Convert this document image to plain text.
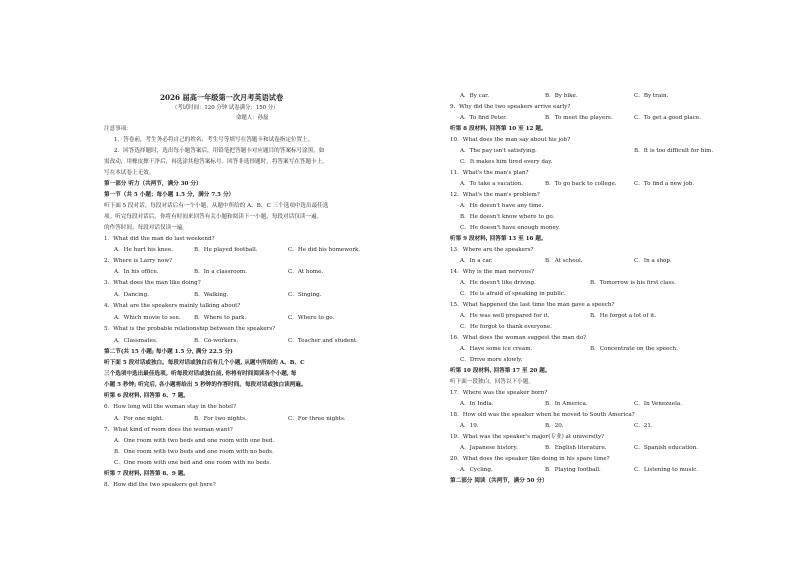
2026 届高一年级第一次月考英语试卷
（考试时间：120 分钟 试卷满分：150 分）
命题人：孙磊
注意事项：
1．答卷前，考生务必将自己的姓名、考生号等填写在答题卡和试卷指定位置上。
2．回答选择题时，选出每小题答案后，用铅笔把答题卡对应题目的答案标号涂黑。如
需改动，用橡皮擦干净后，再选涂其他答案标号。回答非选择题时，将答案写在答题卡上。
写在本试卷上无效。
第一部分 听力（共两节，满分 30 分）
第一节（共 5 小题；每小题 1.5 分，满分 7.5 分）
听下面 5 段对话。每段对话后有一个小题，从题中所给的 A、B、C 三个选项中选出最佳选
项。听完每段对话后，你将有时间来回答有关小题和阅读下一小题。每段对话仅读一遍。
的作答时间。每段对话仅读一遍。
1．What did the man do last weekend?
A．He hurt his knee.	B．He played football.	C．He did his homework.
2．Where is Larry now?
A．In his office.	B．In a classroom.	C．At home.
3．What does the man like doing?
A．Dancing.	B．Walking.	C．Singing.
4．What are the speakers mainly talking about?
A．Which movie to see. B．Where to park.	C．Where to go.
5．What is the probable relationship between the speakers?
A．Classmates.	B．Co-workers.	C．Teacher and student.
第二节(共 15 小题; 每小题 1.5 分, 满分 22.5 分)
听下面 5 段对话或独白。每段对话或独白后有几个小题, 从题中所给的 A、B、C
三个选项中选出最佳选项。听每段对话或独白前, 你将有时间阅读各个小题, 每
小题 5 秒钟; 听完后, 各小题将给出 5 秒钟的作答时间。每段对话或独白读两遍。
听第 6 段材料, 回答第 6、7 题。
6．How long will the woman stay in the hotel?
A．For one night.	B．For two nights.	C．For three nights.
7．What kind of room does the woman want?
A．One room with two beds and one room with one bed.
B．One room with two beds and one room with no beds.
C．One room with one bed and one room with no beds.
听第 7 段材料, 回答第 8、9 题。
8．How did the two speakers get here?
A．By car.	B．By bike.	C．By train.
9．Why did the two speakers arrive early?
A．To find Peter.	B．To meet the players.	C．To get a good place.
听第 8 段材料, 回答第 10 至 12 题。
10．What does the man say about his job?
A．The pay isn't satisfying.	B．It is too difficult for him.
C．It makes him tired every day.
11．What's the man's plan?
A．To take a vacation.	B．To go back to college.	C．To find a new job.
12．What's the man's problem?
A．He doesn't have any time.
B．He doesn't know where to go.
C．He doesn't have enough money.
听第 9 段材料, 回答第 13 至 16 题。
13．Where are the speakers?
A．In a car.	B．At school.	C．In a shop.
14．Why is the man nervous?
A．He doesn't like driving.	B．Tomorrow is his first class.
C．He is afraid of speaking in public.
15．What happened the last time the man gave a speech?
A．He was well prepared for it.	B．He forgot a lot of it.
C．He forgot to thank everyone.
16．What does the woman suggest the man do?
A．Have some ice cream.	B．Concentrate on the speech.
C．Drive more slowly.
听第 10 段材料, 回答第 17 至 20 题。
听下面一段独白，回答以下小题。
17．Where was the speaker born?
A．In India.	B．In America.	C．In Venezuela.
18．How old was the speaker when he moved to South America?
A．19.	B．20.	C．21.
19．What was the speaker's major(专业) at university?
A．Japanese history.	B．English literature.	C．Spanish education.
20．What does the speaker like doing in his spare time?
A．Cycling.	B．Playing football.	C．Listening to music.
第二部分 阅读（共两节，满分 50 分）
